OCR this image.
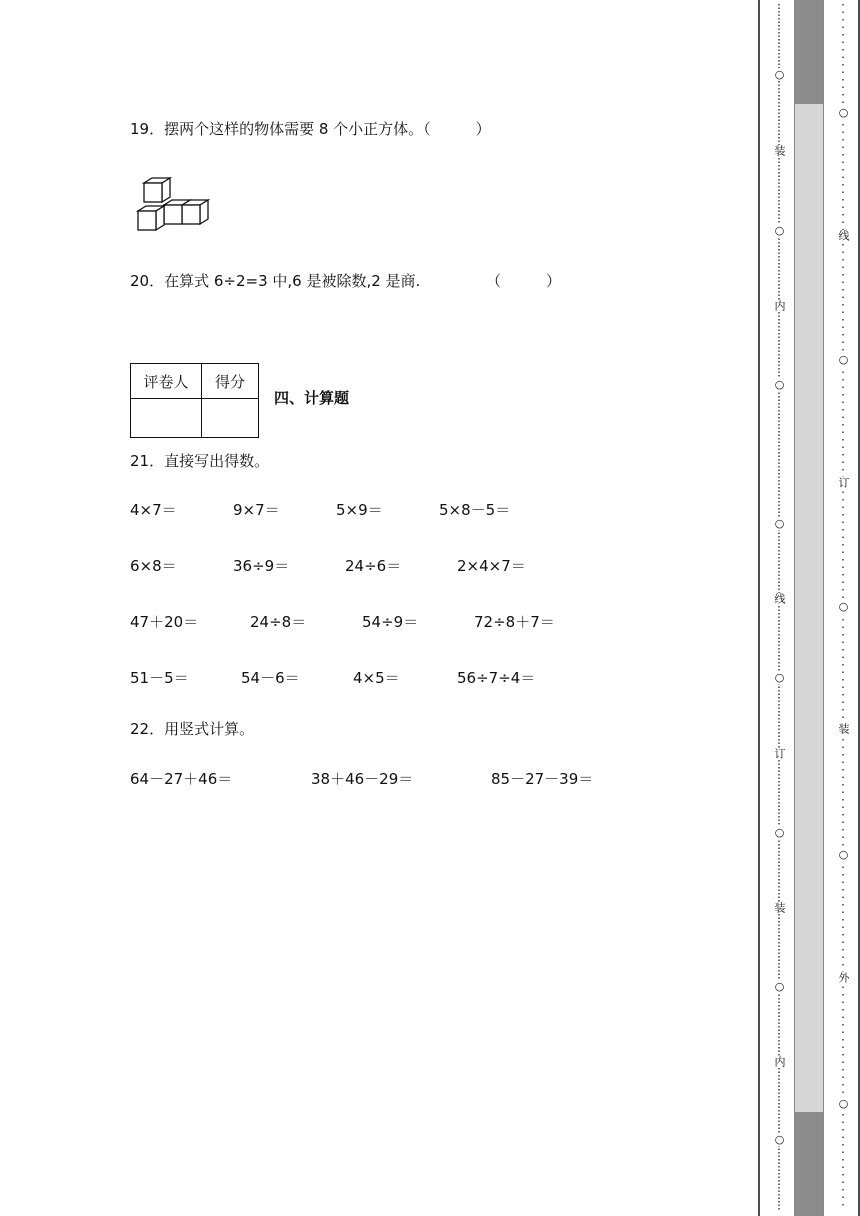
19．摆两个这样的物体需要 8 个小正方体。（　　　）
20．在算式 6÷2=3 中,6 是被除数,2 是商.	（　　　）
评卷人	得分

四、计算题
21．直接写出得数。
4×7＝	9×7＝	5×9＝	5×8－5＝
6×8＝	36÷9＝	24÷6＝	2×4×7＝
47＋20＝	24÷8＝	54÷9＝	72÷8＋7＝
51－5＝	54－6＝	4×5＝	56÷7÷4＝
22．用竖式计算。
64－27＋46＝	38＋46－29＝	85－27－39＝
○
○
○
○
○
○
○
○
装
内
线
订
装
内
○
○
○
○
○
线
订
装
外
